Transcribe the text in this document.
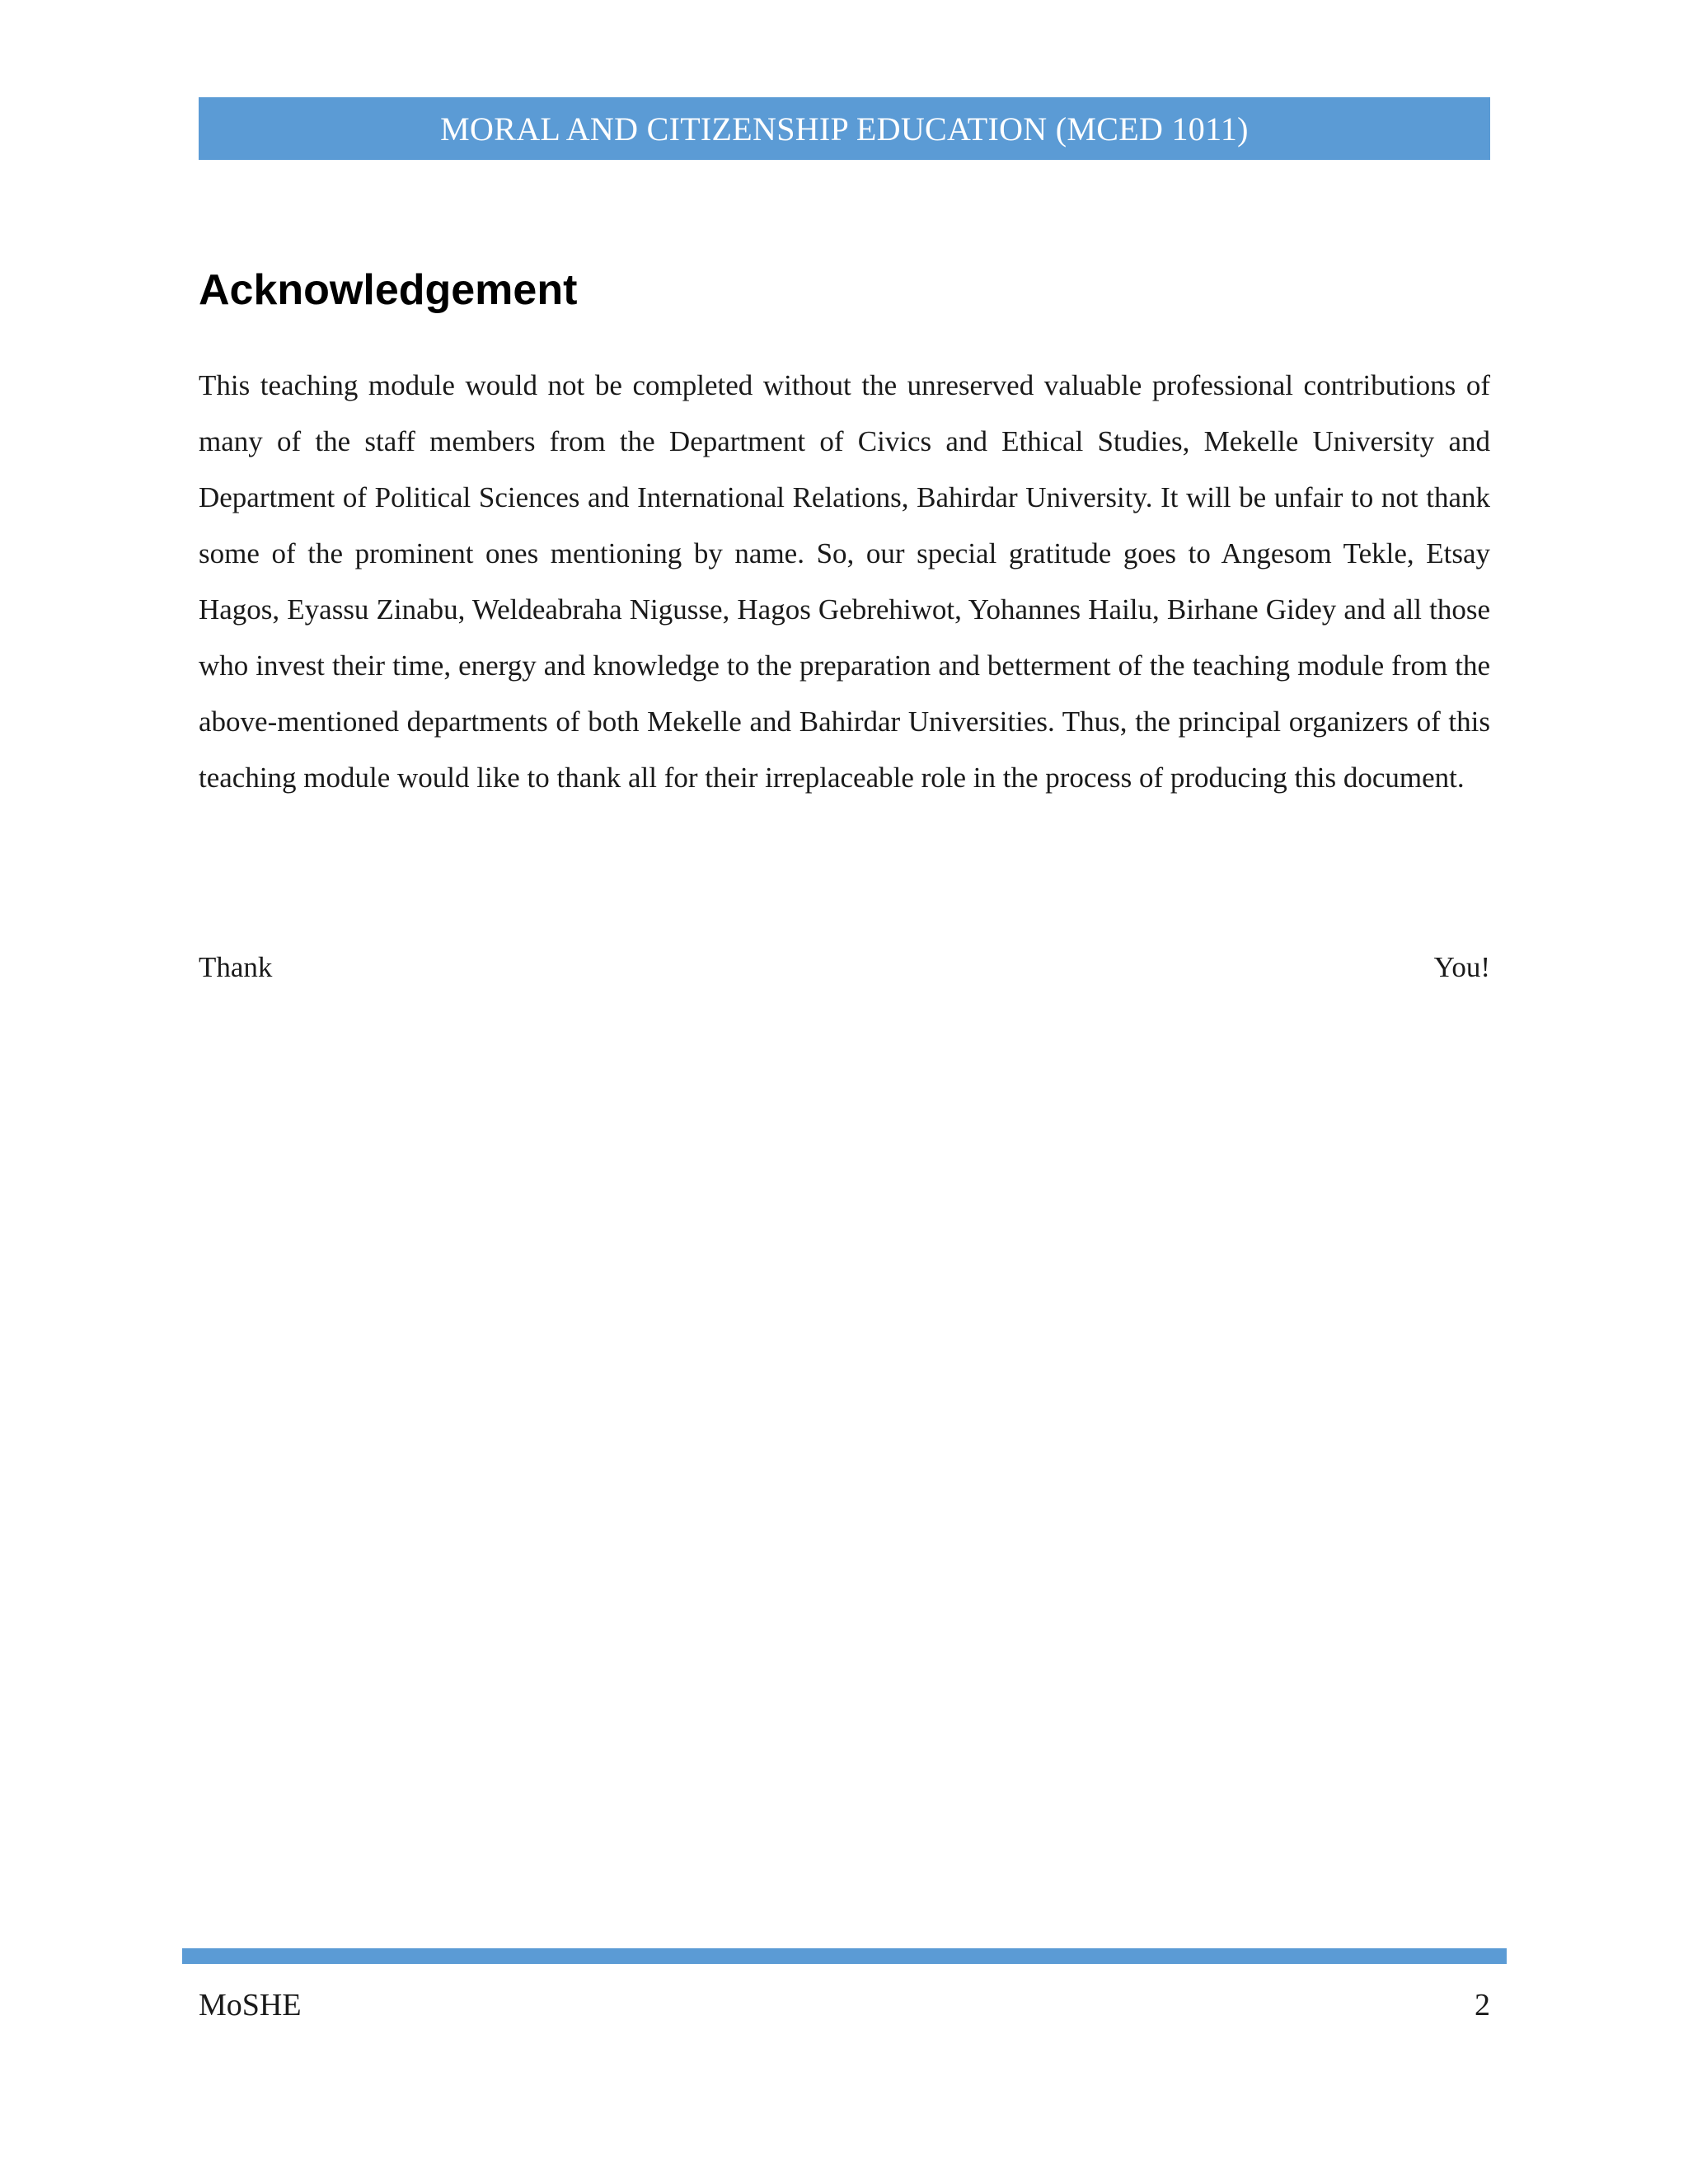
MORAL AND CITIZENSHIP EDUCATION (MCED 1011)
Acknowledgement

This teaching module would not be completed without the unreserved valuable professional contributions of many of the staff members from the Department of Civics and Ethical Studies, Mekelle University and Department of Political Sciences and International Relations, Bahirdar University. It will be unfair to not thank some of the prominent ones mentioning by name. So, our special gratitude goes to Angesom Tekle, Etsay Hagos, Eyassu Zinabu, Weldeabraha Nigusse, Hagos Gebrehiwot, Yohannes Hailu, Birhane Gidey and all those who invest their time, energy and knowledge to the preparation and betterment of the teaching module from the above-mentioned departments of both Mekelle and Bahirdar Universities. Thus, the principal organizers of this teaching module would like to thank all for their irreplaceable role in the process of producing this document.

Thank	You!
MoSHE	2
